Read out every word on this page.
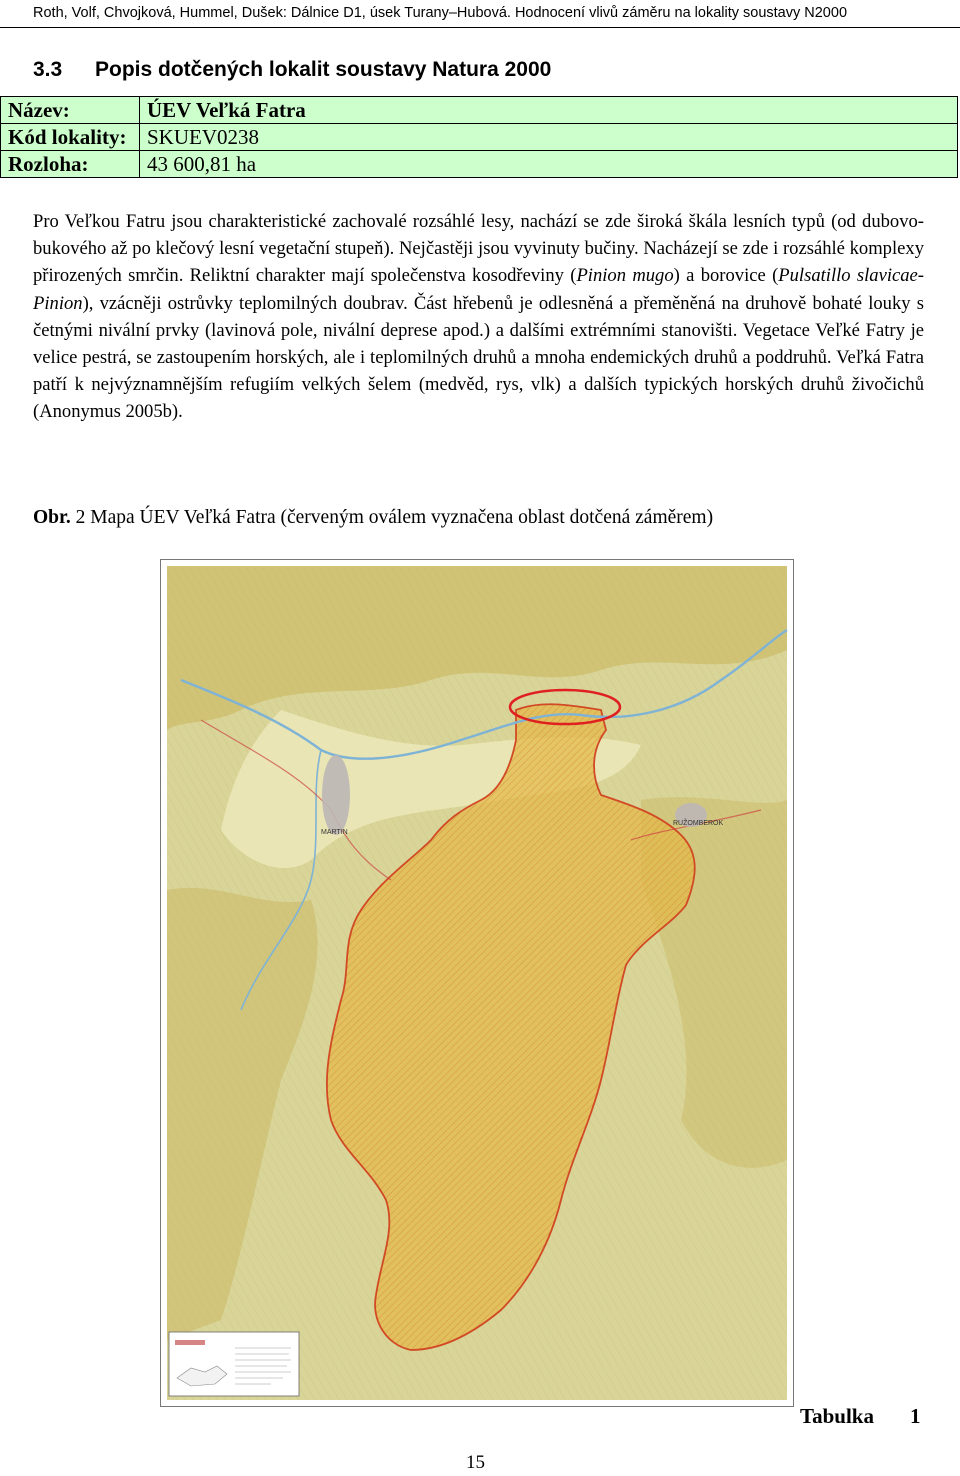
Roth, Volf, Chvojková, Hummel, Dušek: Dálnice D1, úsek Turany–Hubová. Hodnocení vlivů záměru na lokality soustavy N2000
3.3 Popis dotčených lokalit soustavy Natura 2000
Název:	ÚEV Veľká Fatra
Kód lokality:	SKUEV0238
Rozloha:	43 600,81 ha
Pro Veľkou Fatru jsou charakteristické zachovalé rozsáhlé lesy, nachází se zde široká škála lesních typů (od dubovo-bukového až po klečový lesní vegetační stupeň). Nejčastěji jsou vyvinuty bučiny. Nacházejí se zde i rozsáhlé komplexy přirozených smrčin. Reliktní charakter mají společenstva kosodřeviny (Pinion mugo) a borovice (Pulsatillo slavicae-Pinion), vzácněji ostrůvky teplomilných doubrav. Část hřebenů je odlesněná a přeměněná na druhově bohaté louky s četnými nivální prvky (lavinová pole, nivální deprese apod.) a dalšími extrémními stanovišti. Vegetace Veľké Fatry je velice pestrá, se zastoupením horských, ale i teplomilných druhů a mnoha endemických druhů a poddruhů. Veľká Fatra patří k nejvýznamnějším refugiím velkých šelem (medvěd, rys, vlk) a dalších typických horských druhů živočichů (Anonymus 2005b).
Obr. 2 Mapa ÚEV Veľká Fatra (červeným oválem vyznačena oblast dotčená záměrem)
MARTIN
RUŽOMBEROK
Tabulka 1
15
